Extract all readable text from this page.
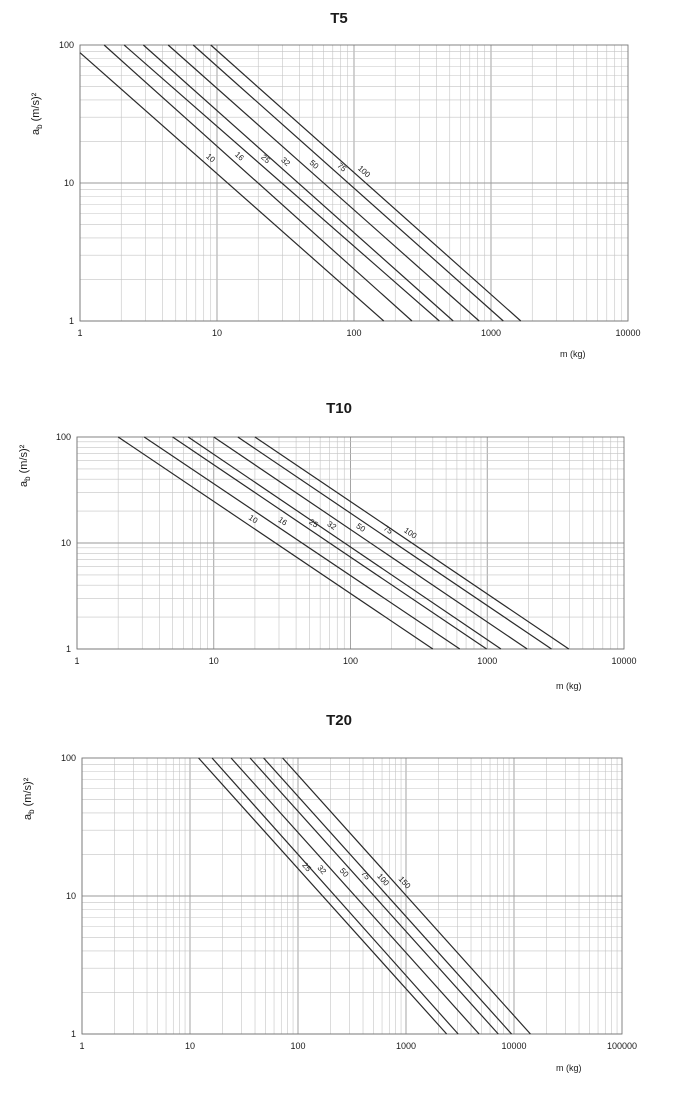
T5
$a_b$ (m/s)²
m (kg)
1	10	100	1000	10000
1
10
100
10 16 25 32 50 75 100
T10
$a_b$ (m/s)²
m (kg)
1	10	100	1000	10000
1
10
100
10 16 25 32 50 75 100
T20
$a_b$ (m/s)²
m (kg)
1	10	100	1000	10000	100000
1
10
100
25 32 50 75 100 150
